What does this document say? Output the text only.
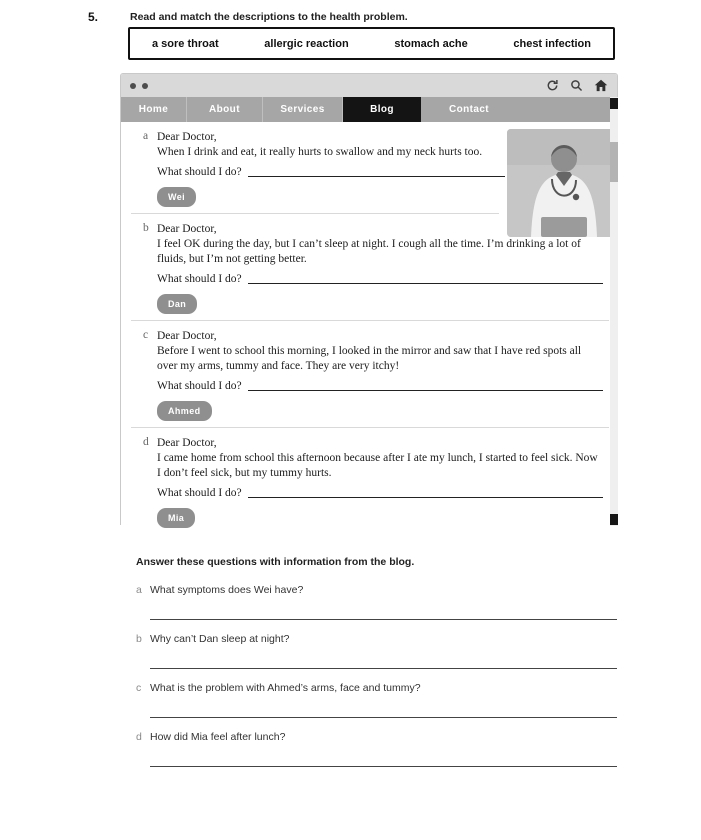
5.	Read and match the descriptions to the health problem.
a sore throat	allergic reaction	stomach ache	chest infection
Home	About	Services	Blog	Contact
a Dear Doctor,
When I drink and eat, it really hurts to swallow and my neck hurts too.
What should I do?
Wei
b Dear Doctor,
I feel OK during the day, but I can’t sleep at night. I cough all the time. I’m drinking a lot of fluids, but I’m not getting better.
What should I do?
Dan
c Dear Doctor,
Before I went to school this morning, I looked in the mirror and saw that I have red spots all over my arms, tummy and face. They are very itchy!
What should I do?
Ahmed
d Dear Doctor,
I came home from school this afternoon because after I ate my lunch, I started to feel sick. Now I don’t feel sick, but my tummy hurts.
What should I do?
Mia
Answer these questions with information from the blog.
a What symptoms does Wei have?
b Why can’t Dan sleep at night?
c What is the problem with Ahmed’s arms, face and tummy?
d How did Mia feel after lunch?
